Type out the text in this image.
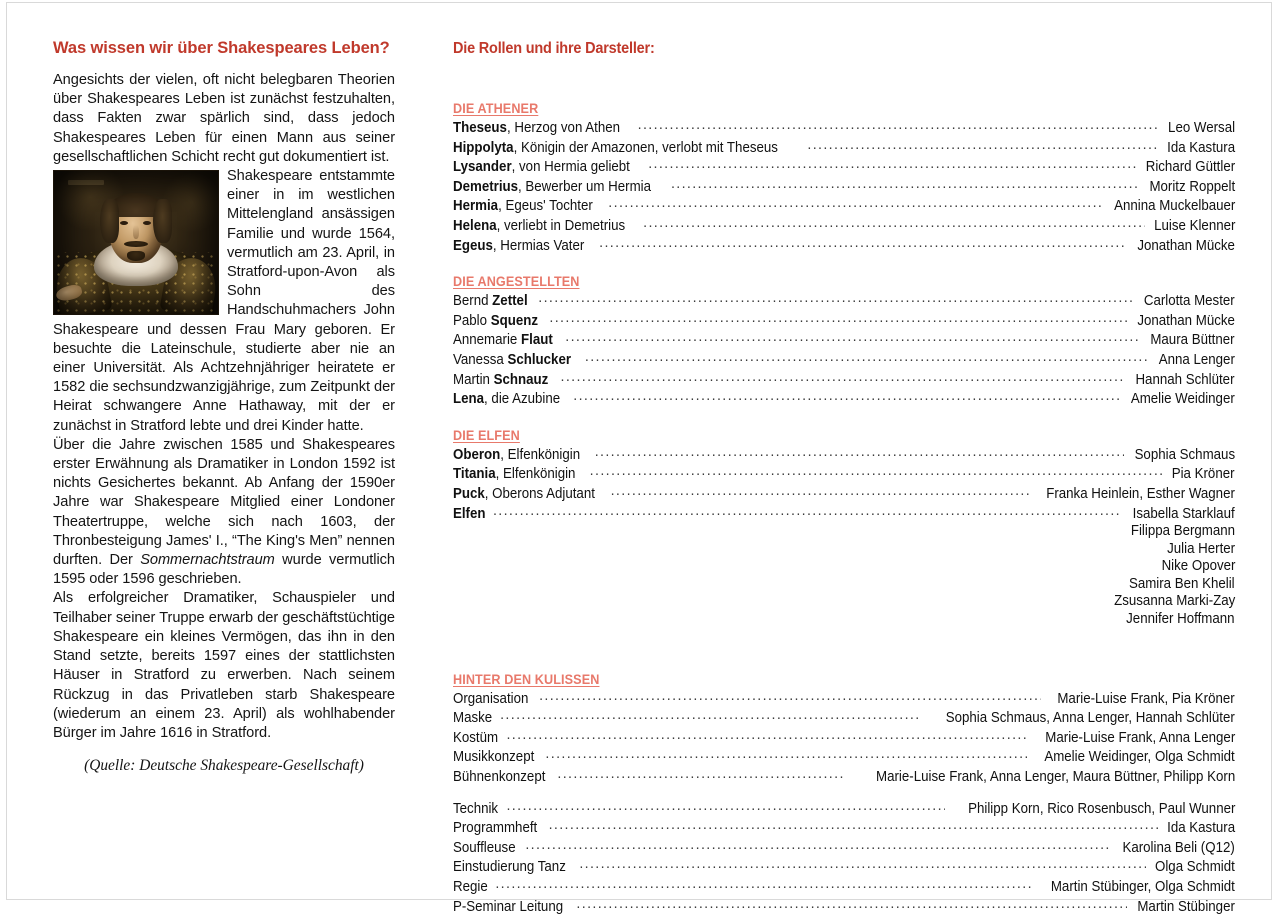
Was wissen wir über Shakespeares Leben?

Angesichts der vielen, oft nicht belegbaren Theorien über Shakespeares Leben ist zunächst festzuhalten, dass Fakten zwar spärlich sind, dass jedoch Shakespeares Leben für einen Mann aus seiner gesellschaftlichen Schicht recht gut dokumentiert ist.

Shakespeare entstammte einer in im westlichen Mittelengland ansässigen Familie und wurde 1564, vermutlich am 23. April, in Stratford-upon-Avon als Sohn des Handschuhmachers John Shakespeare und dessen Frau Mary geboren. Er besuchte die Lateinschule, studierte aber nie an einer Universität. Als Achtzehnjähriger heiratete er 1582 die sechsundzwanzigjährige, zum Zeitpunkt der Heirat schwangere Anne Hathaway, mit der er zunächst in Stratford lebte und drei Kinder hatte.

Über die Jahre zwischen 1585 und Shakespeares erster Erwähnung als Dramatiker in London 1592 ist nichts Gesichertes bekannt. Ab Anfang der 1590er Jahre war Shakespeare Mitglied einer Londoner Theatertruppe, welche sich nach 1603, der Thronbesteigung James' I., “The King's Men” nennen durften. Der Sommernachtstraum wurde vermutlich 1595 oder 1596 geschrieben.

Als erfolgreicher Dramatiker, Schauspieler und Teilhaber seiner Truppe erwarb der geschäftstüchtige Shakespeare ein kleines Vermögen, das ihn in den Stand setzte, bereits 1597 eines der stattlichsten Häuser in Stratford zu erwerben. Nach seinem Rückzug in das Privatleben starb Shakespeare (wiederum an einem 23. April) als wohlhabender Bürger im Jahre 1616 in Stratford.

(Quelle: Deutsche Shakespeare-Gesellschaft)

Die Rollen und ihre Darsteller:
DIE ATHENER
Theseus, Herzog von Athen .....	Leo Wersal
Hippolyta, Königin der Amazonen, verlobt mit Theseus .....	Ida Kastura
Lysander, von Hermia geliebt .....	Richard Güttler
Demetrius, Bewerber um Hermia .....	Moritz Roppelt
Hermia, Egeus' Tochter .....	Annina Muckelbauer
Helena, verliebt in Demetrius .....	Luise Klenner
Egeus, Hermias Vater .....	Jonathan Mücke
DIE ANGESTELLTEN
Bernd Zettel .....	Carlotta Mester
Pablo Squenz .....	Jonathan Mücke
Annemarie Flaut .....	Maura Büttner
Vanessa Schlucker .....	Anna Lenger
Martin Schnauz .....	Hannah Schlüter
Lena, die Azubine .....	Amelie Weidinger
DIE ELFEN
Oberon, Elfenkönigin .....	Sophia Schmaus
Titania, Elfenkönigin .....	Pia Kröner
Puck, Oberons Adjutant .....	Franka Heinlein, Esther Wagner
Elfen .....	Isabella Starklauf
Filippa Bergmann
Julia Herter
Nike Opover
Samira Ben Khelil
Zsusanna Marki-Zay
Jennifer Hoffmann
HINTER DEN KULISSEN
Organisation .....	Marie-Luise Frank, Pia Kröner
Maske .....	Sophia Schmaus, Anna Lenger, Hannah Schlüter
Kostüm .....	Marie-Luise Frank, Anna Lenger
Musikkonzept .....	Amelie Weidinger, Olga Schmidt
Bühnenkonzept .....	Marie-Luise Frank, Anna Lenger, Maura Büttner, Philipp Korn
Technik .....	Philipp Korn, Rico Rosenbusch, Paul Wunner
Programmheft .....	Ida Kastura
Souffleuse .....	Karolina Beli (Q12)
Einstudierung Tanz .....	Olga Schmidt
Regie .....	Martin Stübinger, Olga Schmidt
P-Seminar Leitung .....	Martin Stübinger
